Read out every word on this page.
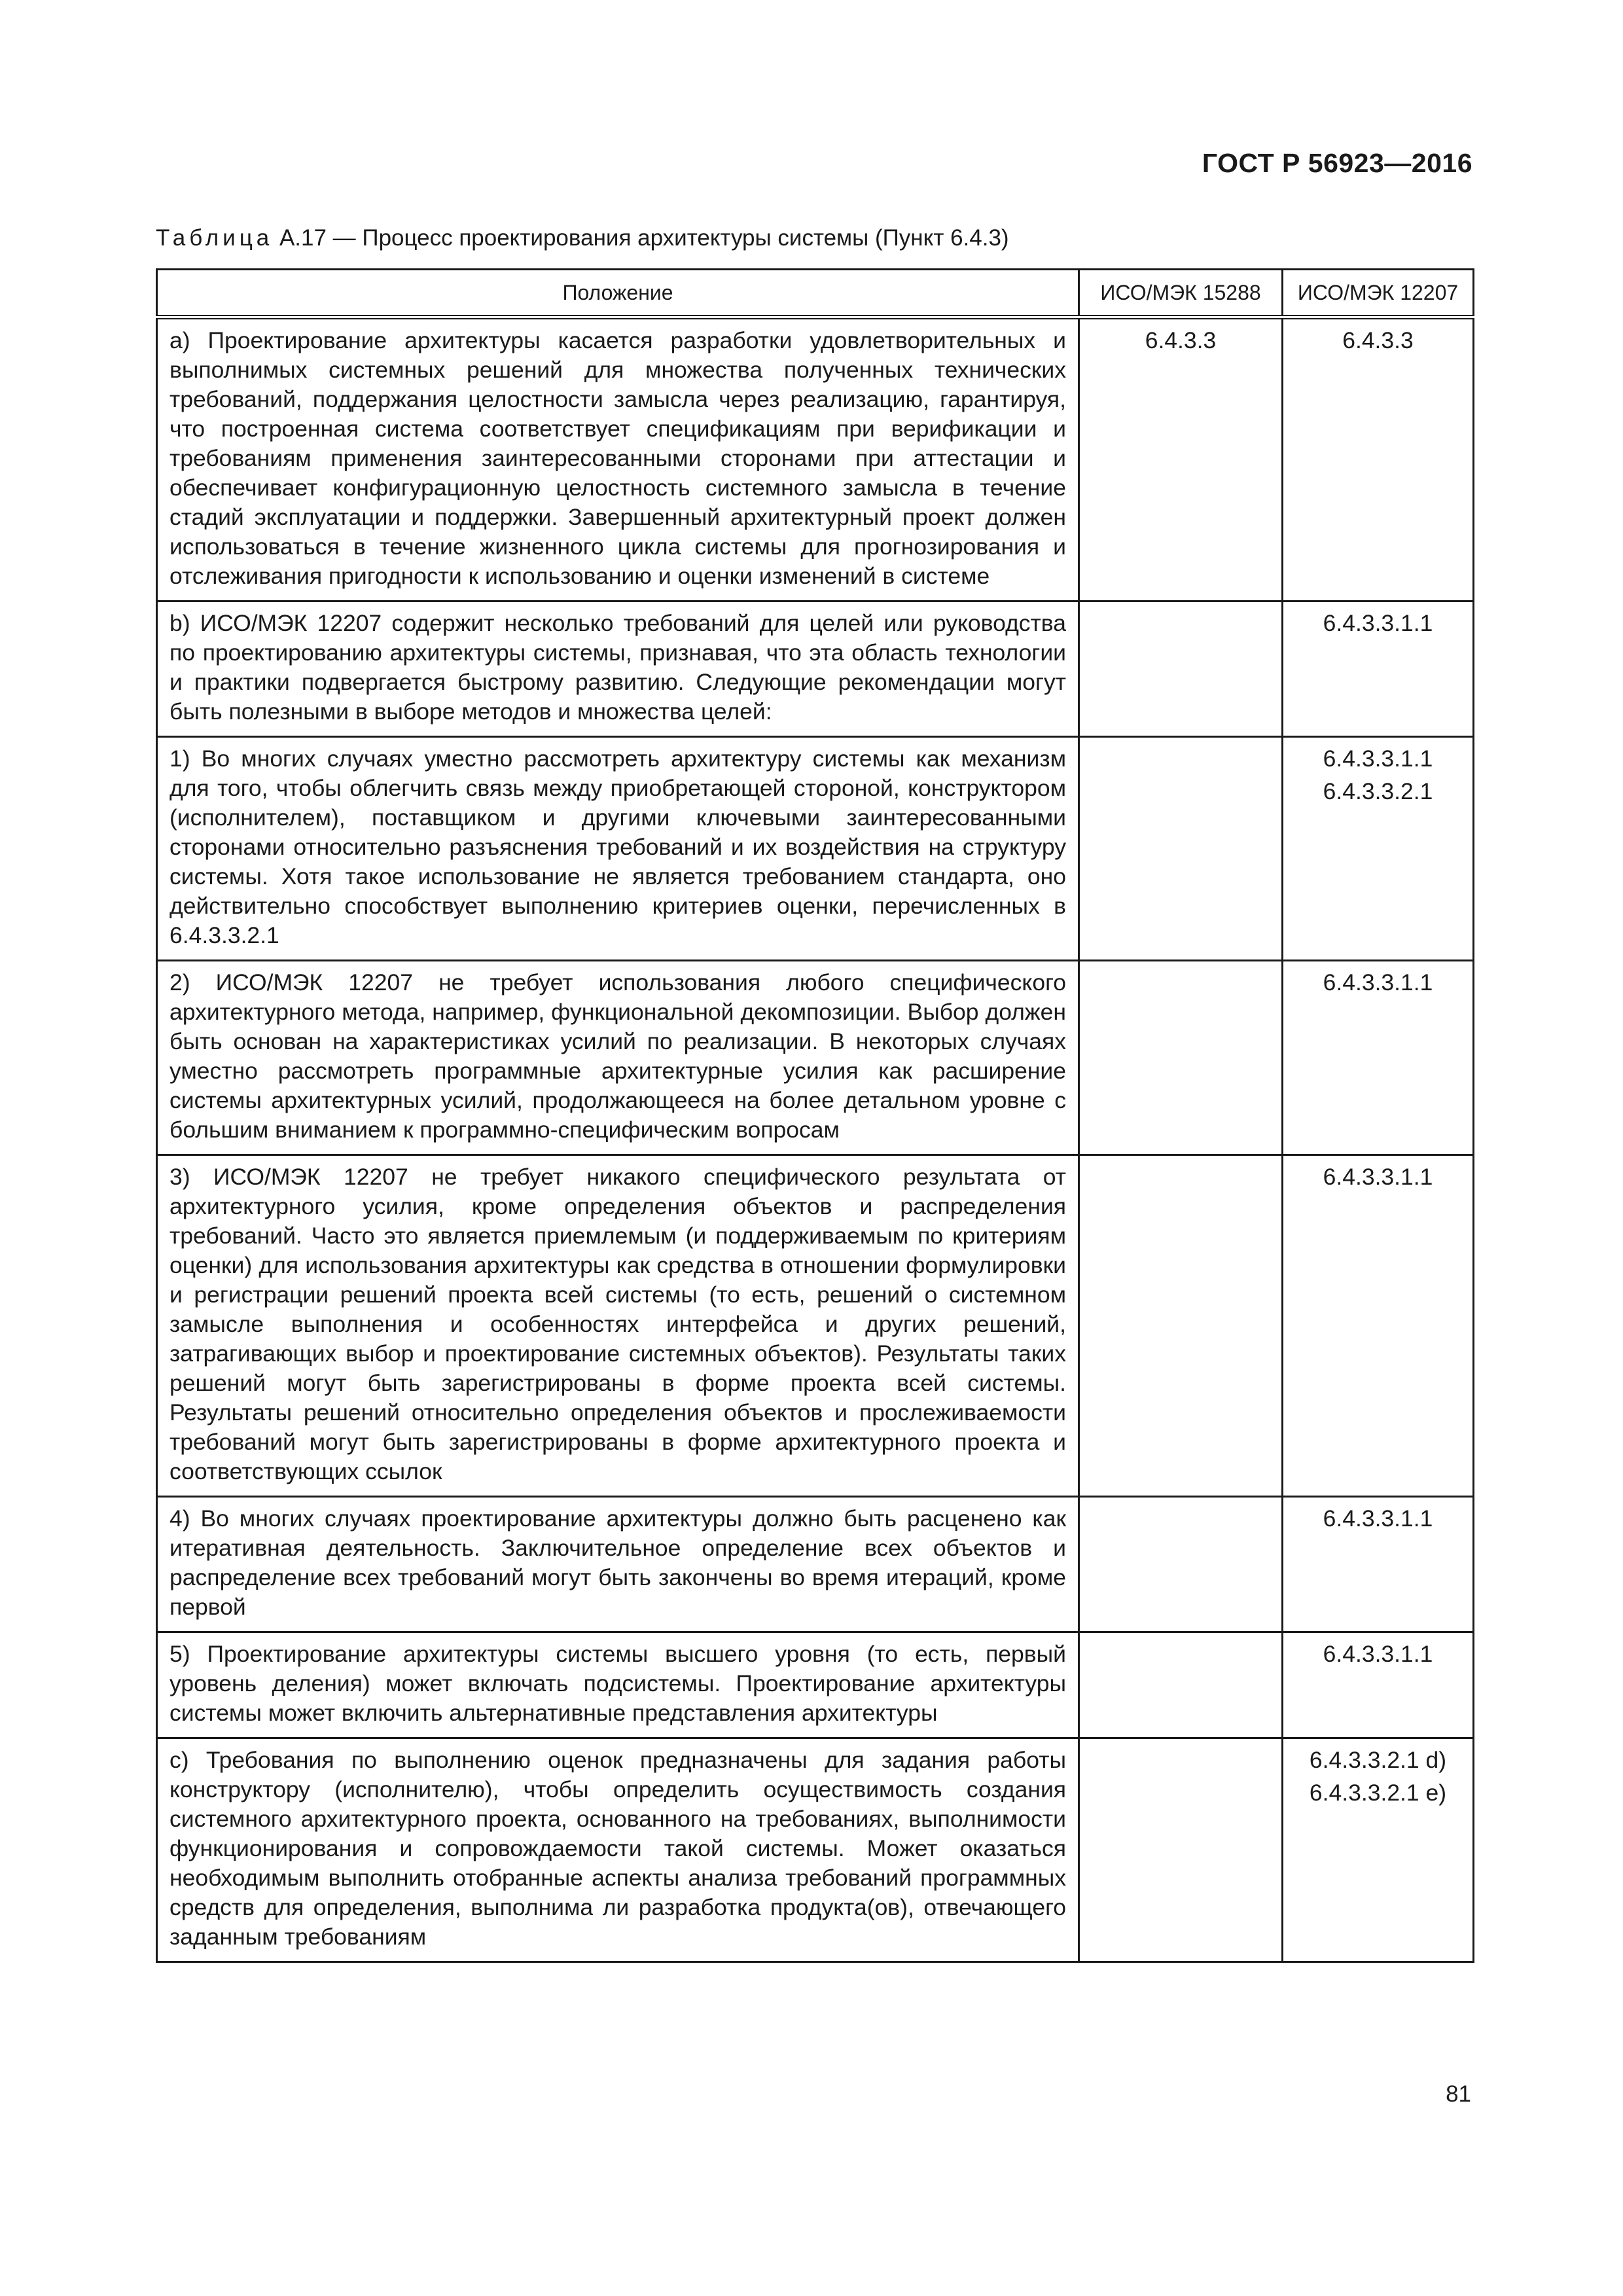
ГОСТ Р 56923—2016
Таблица А.17 — Процесс проектирования архитектуры системы (Пункт 6.4.3)
Положение	ИСО/МЭК 15288	ИСО/МЭК 12207
а) Проектирование архитектуры касается разработки удовлетворительных и выполнимых системных решений для множества полученных технических требований, поддержания целостности замысла через реализацию, гарантируя, что построенная система соответствует спецификациям при верификации и требованиям применения заинтересованными сторонами при аттестации и обеспечивает конфигурационную целостность системного замысла в течение стадий эксплуатации и поддержки. Завершенный архитектурный проект должен использоваться в течение жизненного цикла системы для прогнозирования и отслеживания пригодности к использованию и оценки изменений в системе	6.4.3.3	6.4.3.3

b) ИСО/МЭК 12207 содержит несколько требований для целей или руководства по проектированию архитектуры системы, признавая, что эта область технологии и практики подвергается быстрому развитию. Следующие рекомендации могут быть полезными в выборе методов и множества целей:		6.4.3.3.1.1

1) Во многих случаях уместно рассмотреть архитектуру системы как механизм для того, чтобы облегчить связь между приобретающей стороной, конструктором (исполнителем), поставщиком и другими ключевыми заинтересованными сторонами относительно разъяснения требований и их воздействия на структуру системы. Хотя такое использование не является требованием стандарта, оно действительно способствует выполнению критериев оценки, перечисленных в 6.4.3.3.2.1		6.4.3.3.1.1
6.4.3.3.2.1

2) ИСО/МЭК 12207 не требует использования любого специфического архитектурного метода, например, функциональной декомпозиции. Выбор должен быть основан на характеристиках усилий по реализации. В некоторых случаях уместно рассмотреть программные архитектурные усилия как расширение системы архитектурных усилий, продолжающееся на более детальном уровне с большим вниманием к программно-специфическим вопросам		6.4.3.3.1.1

3) ИСО/МЭК 12207 не требует никакого специфического результата от архитектурного усилия, кроме определения объектов и распределения требований. Часто это является приемлемым (и поддерживаемым по критериям оценки) для использования архитектуры как средства в отношении формулировки и регистрации решений проекта всей системы (то есть, решений о системном замысле выполнения и особенностях интерфейса и других решений, затрагивающих выбор и проектирование системных объектов). Результаты таких решений могут быть зарегистрированы в форме проекта всей системы. Результаты решений относительно определения объектов и прослеживаемости требований могут быть зарегистрированы в форме архитектурного проекта и соответствующих ссылок		6.4.3.3.1.1

4) Во многих случаях проектирование архитектуры должно быть расценено как итеративная деятельность. Заключительное определение всех объектов и распределение всех требований могут быть закончены во время итераций, кроме первой		6.4.3.3.1.1

5) Проектирование архитектуры системы высшего уровня (то есть, первый уровень деления) может включать подсистемы. Проектирование архитектуры системы может включить альтернативные представления архитектуры		6.4.3.3.1.1

с) Требования по выполнению оценок предназначены для задания работы конструктору (исполнителю), чтобы определить осуществимость создания системного архитектурного проекта, основанного на требованиях, выполнимости функционирования и сопровождаемости такой системы. Может оказаться необходимым выполнить отобранные аспекты анализа требований программных средств для определения, выполнима ли разработка продукта(ов), отвечающего заданным требованиям		6.4.3.3.2.1 d)
6.4.3.3.2.1 e)
81
